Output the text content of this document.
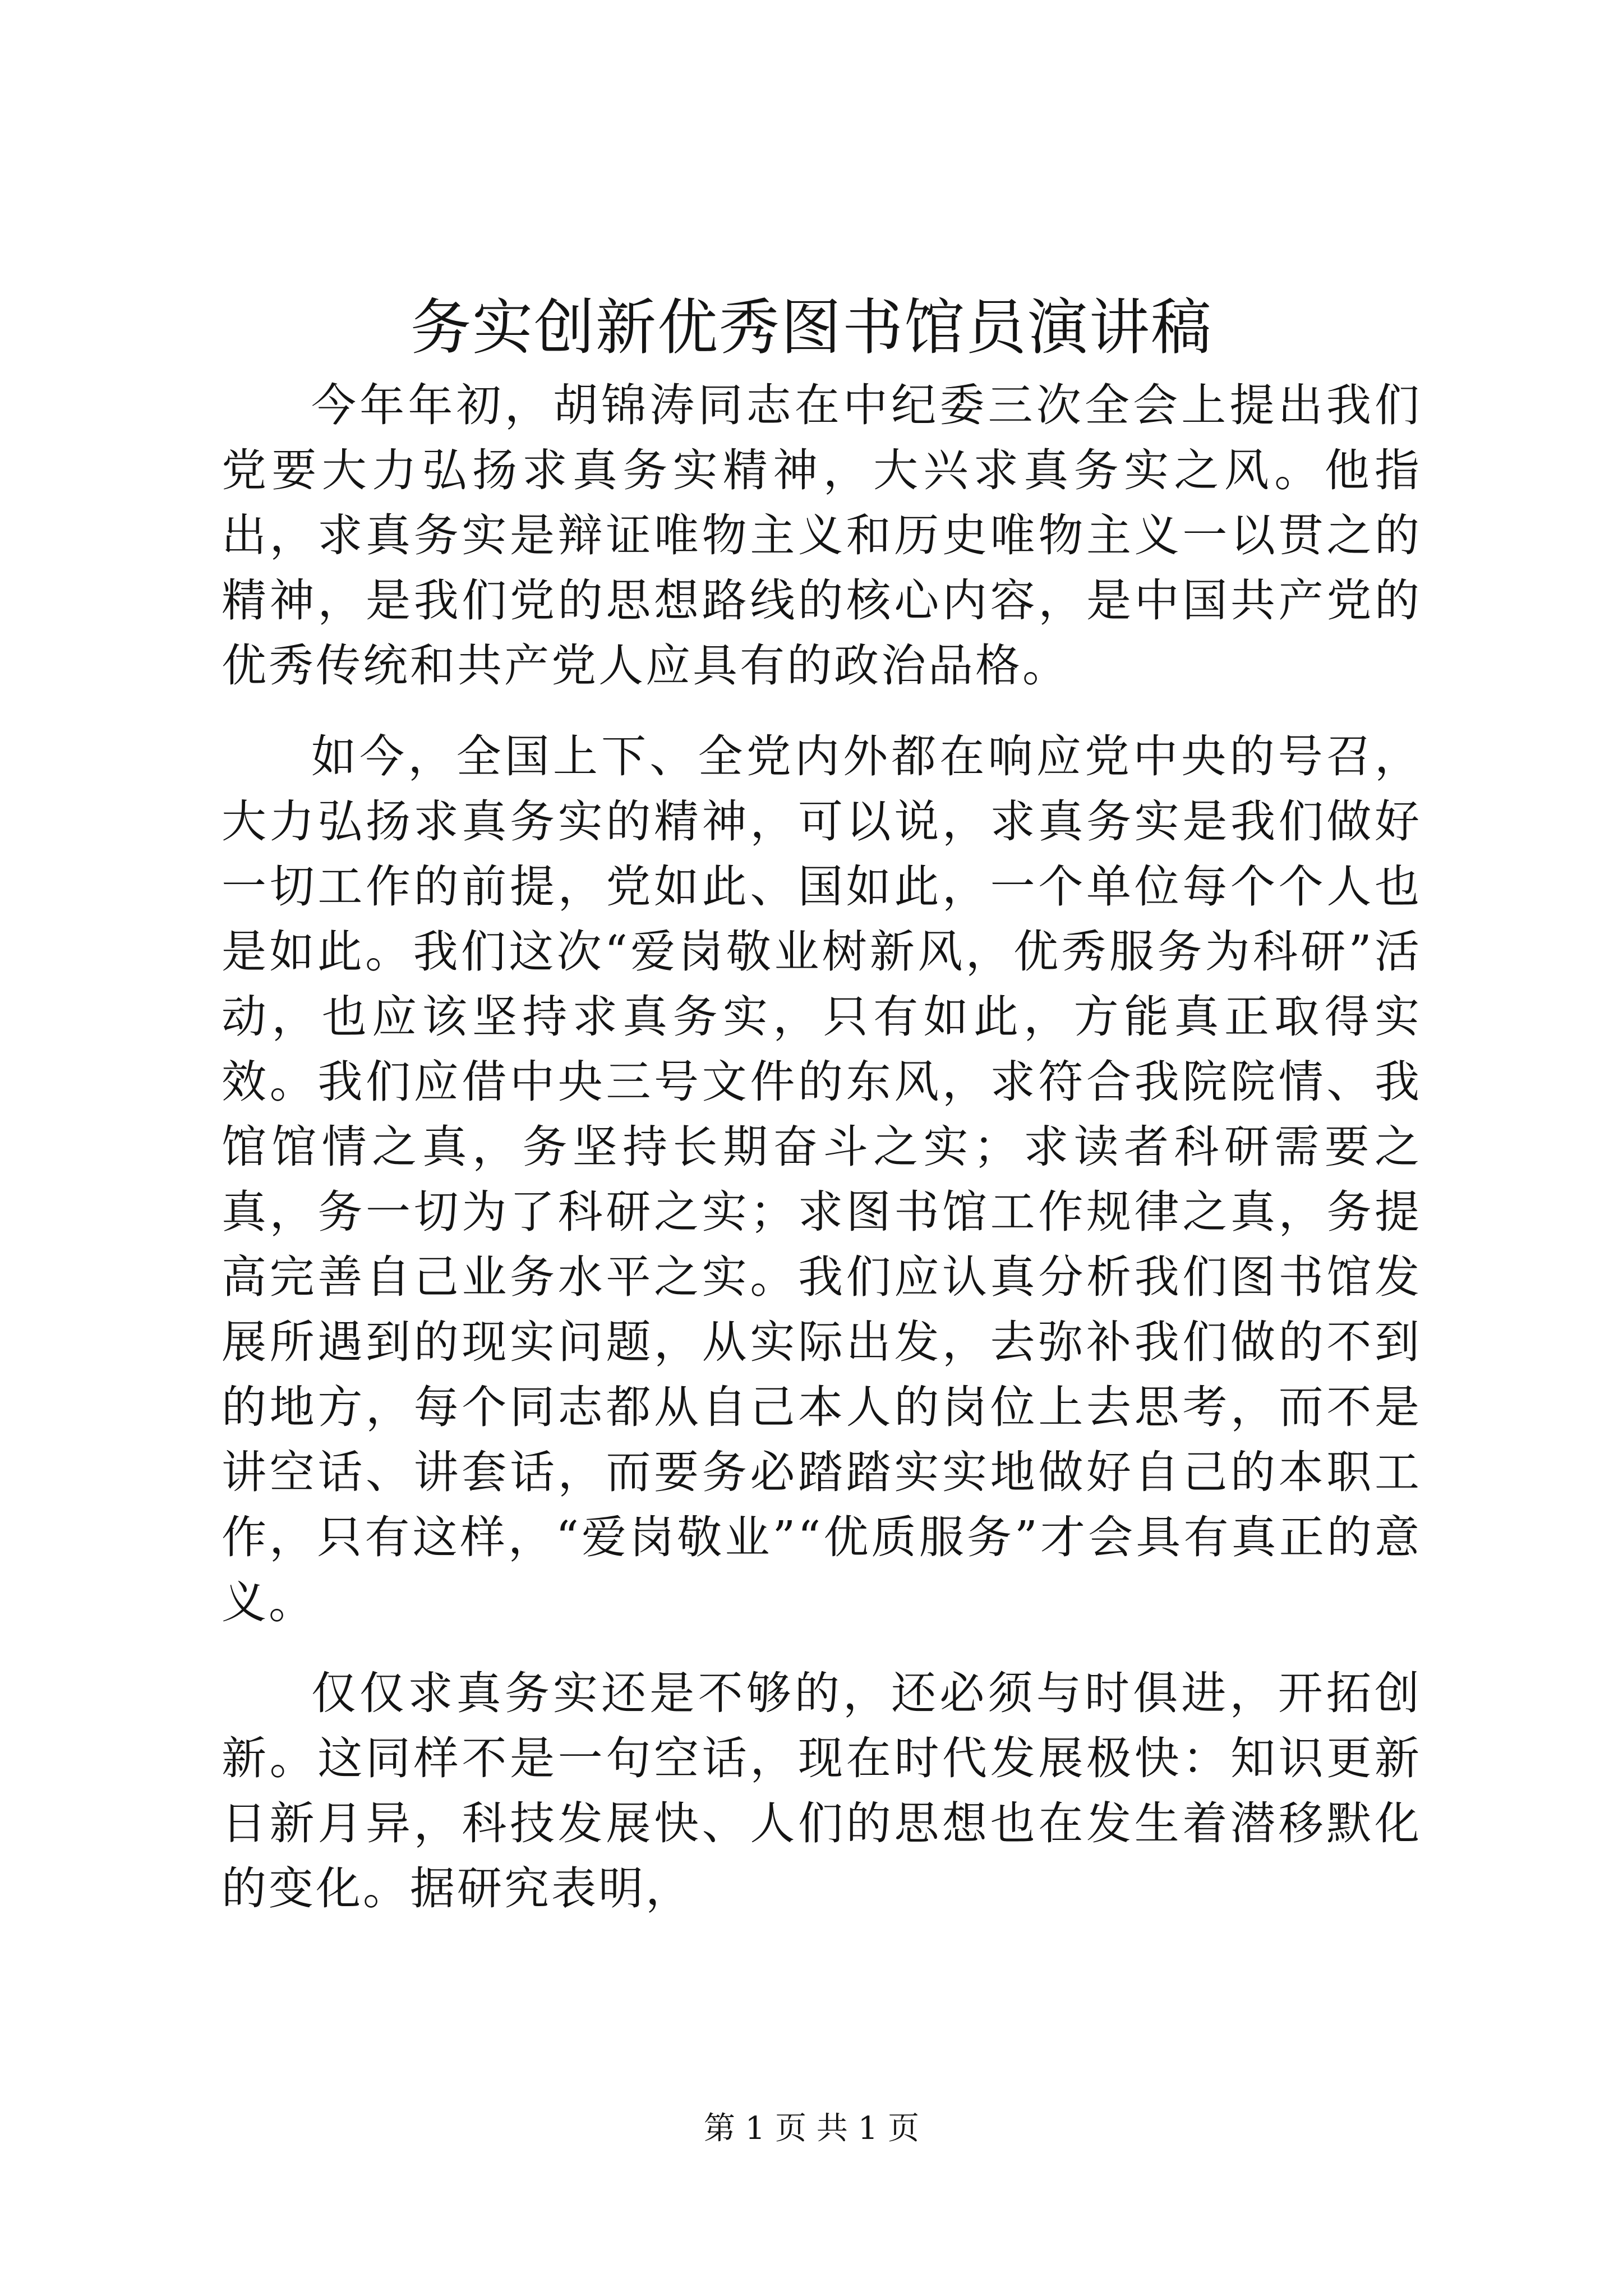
务实创新优秀图书馆员演讲稿

今年年初，胡锦涛同志在中纪委三次全会上提出我们党要大力弘扬求真务实精神，大兴求真务实之风。他指出，求真务实是辩证唯物主义和历史唯物主义一以贯之的精神，是我们党的思想路线的核心内容，是中国共产党的优秀传统和共产党人应具有的政治品格。

如今，全国上下、全党内外都在响应党中央的号召，大力弘扬求真务实的精神，可以说，求真务实是我们做好一切工作的前提，党如此、国如此，一个单位每个个人也是如此。我们这次“爱岗敬业树新风，优秀服务为科研”活动，也应该坚持求真务实，只有如此，方能真正取得实效。我们应借中央三号文件的东风，求符合我院院情、我馆馆情之真，务坚持长期奋斗之实；求读者科研需要之真，务一切为了科研之实；求图书馆工作规律之真，务提高完善自己业务水平之实。我们应认真分析我们图书馆发展所遇到的现实问题，从实际出发，去弥补我们做的不到的地方，每个同志都从自己本人的岗位上去思考，而不是讲空话、讲套话，而要务必踏踏实实地做好自己的本职工作，只有这样，“爱岗敬业”“优质服务”才会具有真正的意义。

仅仅求真务实还是不够的，还必须与时俱进，开拓创新。这同样不是一句空话，现在时代发展极快：知识更新日新月异，科技发展快、人们的思想也在发生着潜移默化的变化。据研究表明，

第 1 页 共 1 页
